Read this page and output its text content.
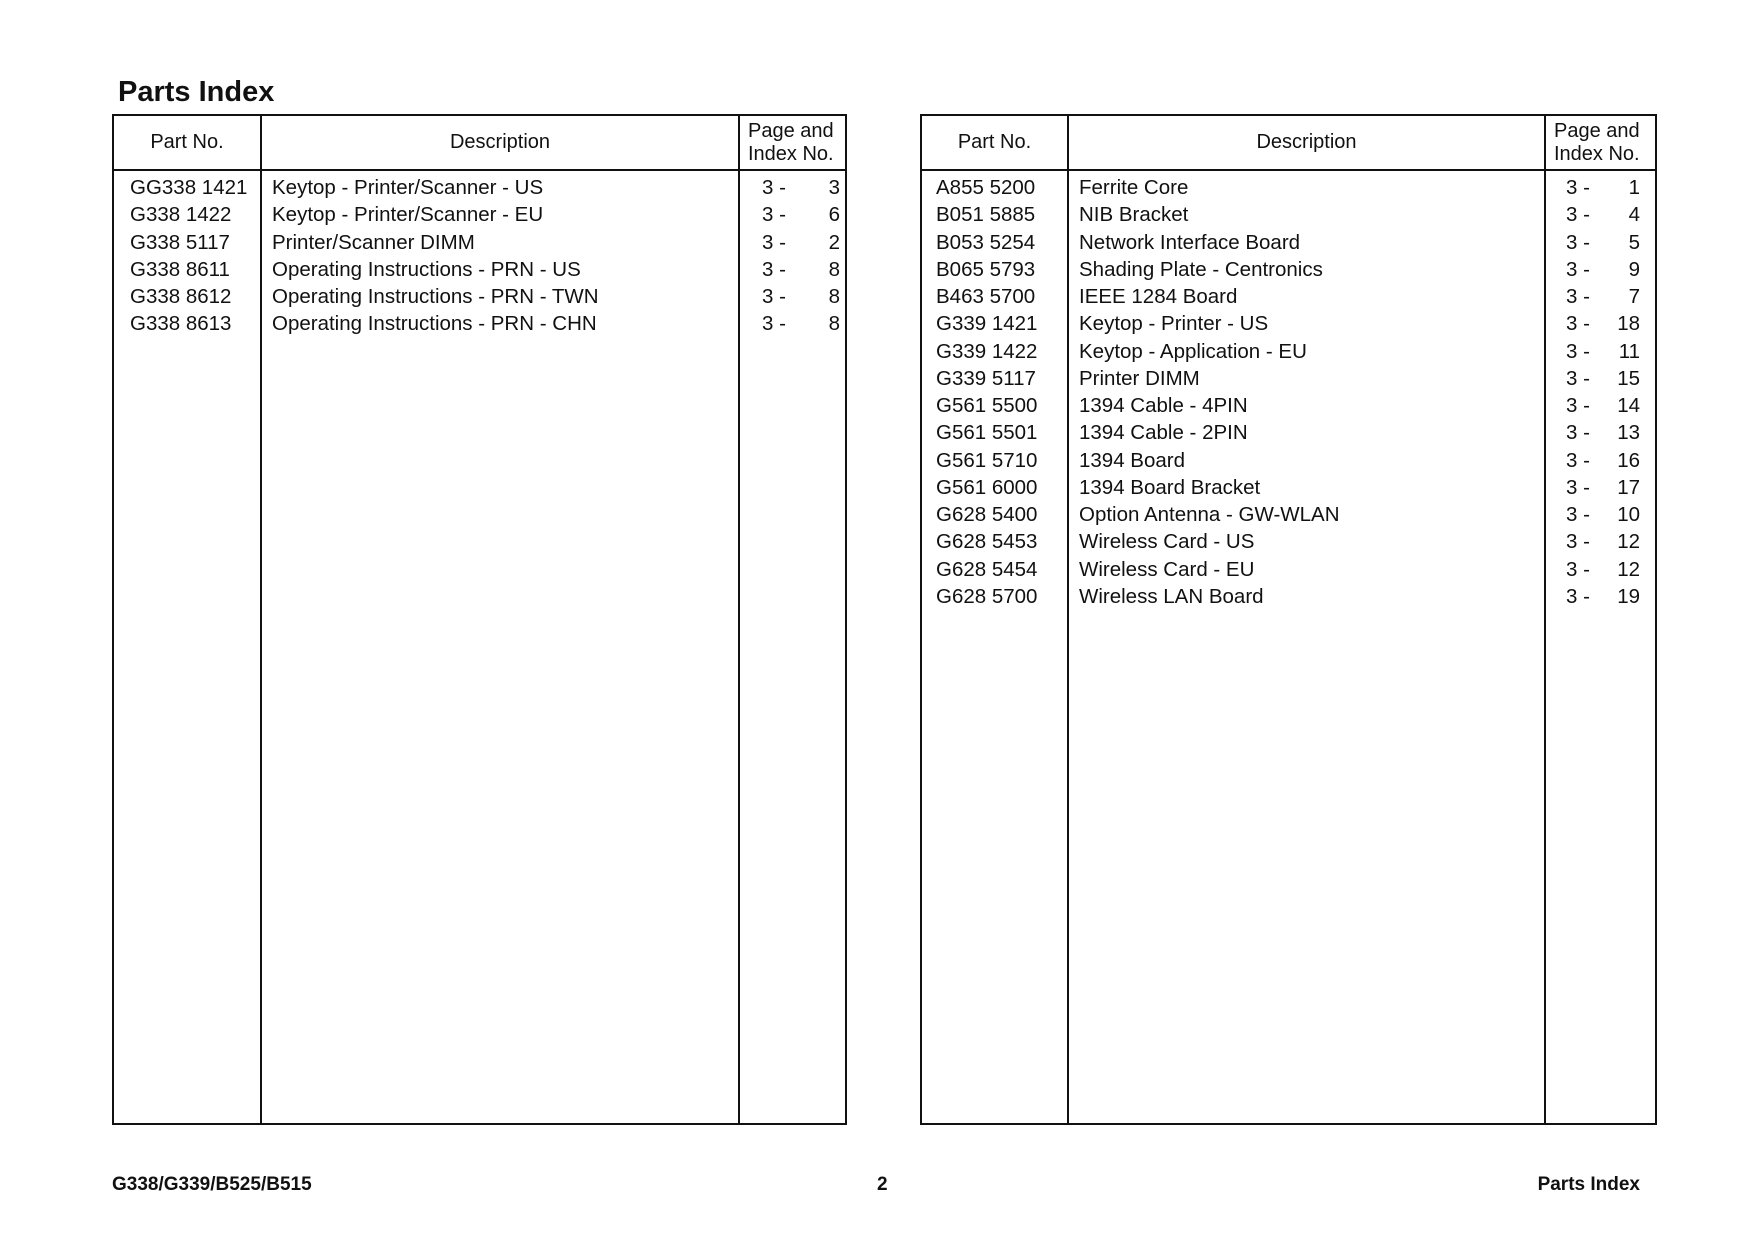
Parts Index
Part No.	Description
Page and
Index No.
GG338 1421 Keytop - Printer/Scanner - US	3 -	3
G338 1422 Keytop - Printer/Scanner - EU	3 -	6
G338 5117 Printer/Scanner DIMM	3 -	2
G338 8611 Operating Instructions - PRN - US	3 -	8
G338 8612 Operating Instructions - PRN - TWN	3 -	8
G338 8613 Operating Instructions - PRN - CHN	3 -	8
Part No.	Description
Page and
Index No.
A855 5200 Ferrite Core	3 -	1
B051 5885 NIB Bracket	3 -	4
B053 5254 Network Interface Board	3 -	5
B065 5793 Shading Plate - Centronics	3 -	9
B463 5700 IEEE 1284 Board	3 -	7
G339 1421 Keytop - Printer - US	3 -	18
G339 1422 Keytop - Application - EU	3 -	11
G339 5117 Printer DIMM	3 -	15
G561 5500 1394 Cable - 4PIN	3 -	14
G561 5501 1394 Cable - 2PIN	3 -	13
G561 5710 1394 Board	3 -	16
G561 6000 1394 Board Bracket	3 -	17
G628 5400 Option Antenna - GW-WLAN	3 -	10
G628 5453 Wireless Card - US	3 -	12
G628 5454 Wireless Card - EU	3 -	12
G628 5700 Wireless LAN Board	3 -	19
G338/G339/B525/B515	2	Parts Index
